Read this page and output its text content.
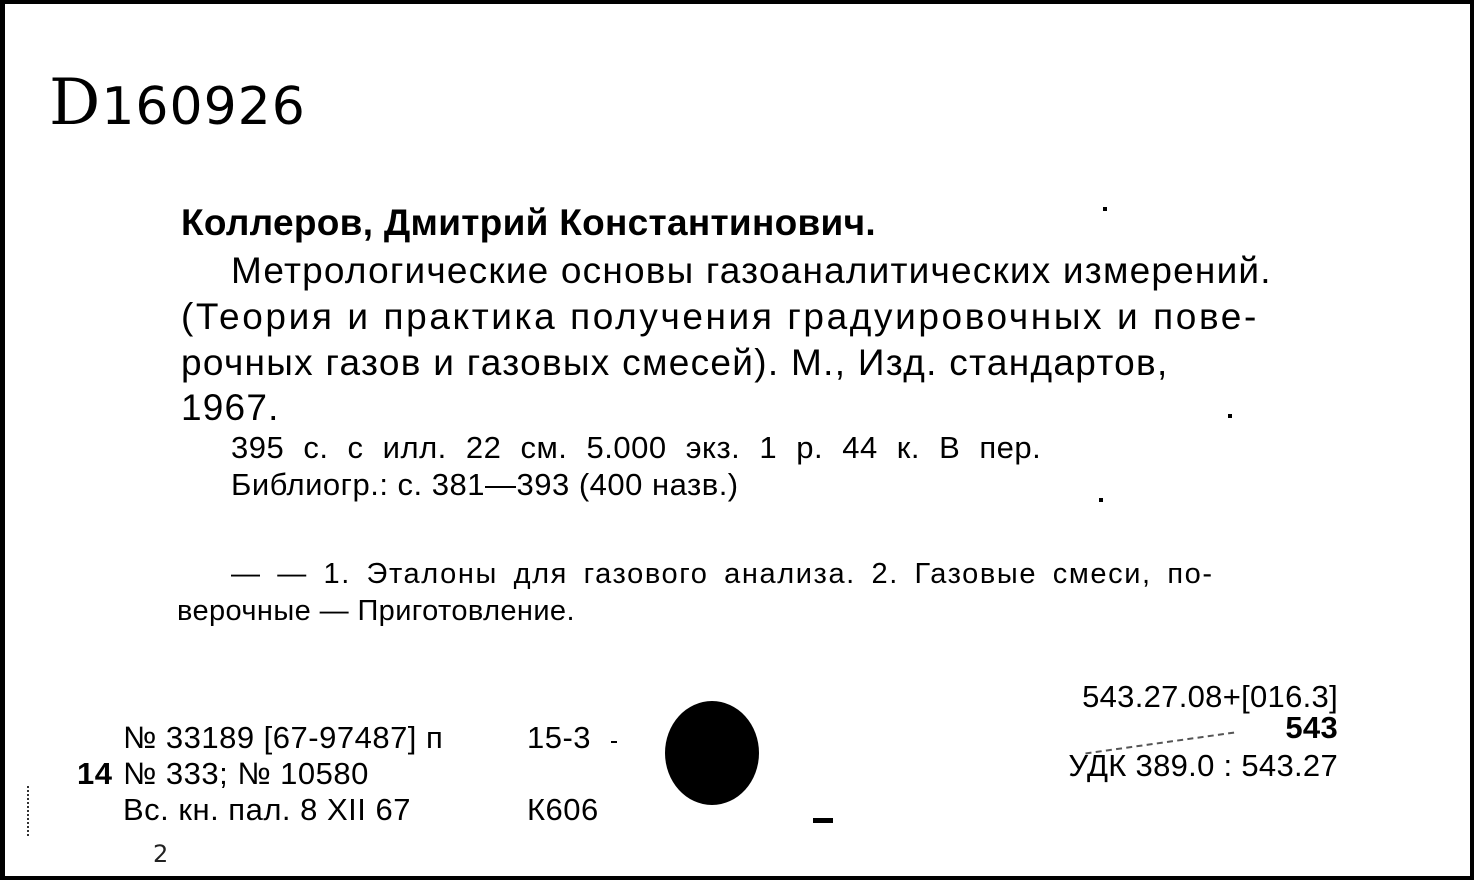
D160926
Коллеров, Дмитрий Константинович.
Метрологические основы газоаналитических измерений.
(Теория и практика получения градуировочных и пове-
рочных газов и газовых смесей). М., Изд. стандартов,
1967.
395 с. с илл. 22 см. 5.000 экз. 1 р. 44 к. В пер.
Библиогр.: с. 381—393 (400 назв.)
— — 1. Эталоны для газового анализа. 2. Газовые смеси, по-
верочные — Приготовление.
№ 33189 [67-97487] п	15-3
14 № 333; № 10580
Вс. кн. пал. 8 XII 67	К606
543.27.08+[016.3]
543
УДК 389.0 : 543.27
2
